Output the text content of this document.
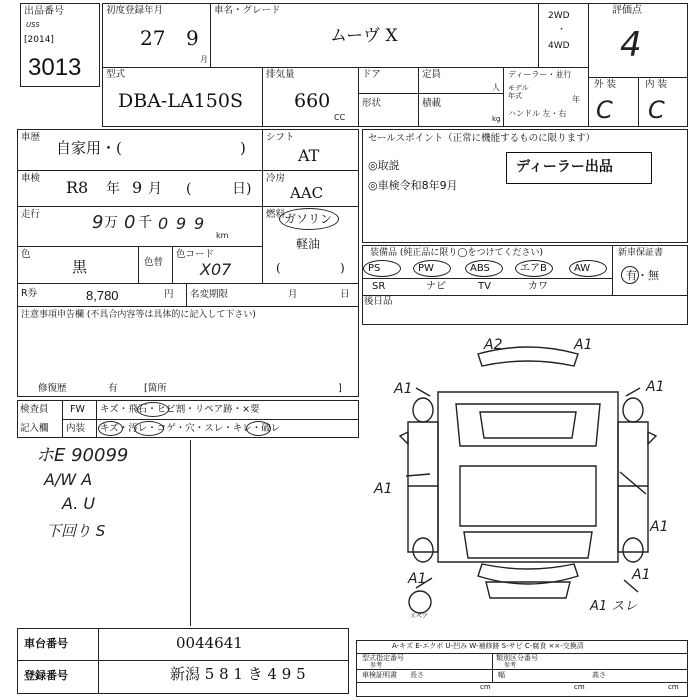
出品番号
USS
[2014]
3013
初度登録年月
27 9
月
車名・グレード
ムーヴ X
2WD
・
4WD
評価点
4
外 装	内 装
C C
型式
DBA-LA150S
排気量
660
CC
ドア	定員
人
形状	積載
kg
ディーラー・並行
モデル
年式	年
ハンドル 左・右
車歴
自家用・(	)
シフト
AT
車検 R8 年 9 月 (	日)
冷房
AAC
走行	9 万 0 千 0 9 9
km
燃料
ガソリン
軽油
(	)
色
黒	色替
色コード
X07
R券	8,780	円 名変期限	月	日
注意事項申告欄 (不具合内容等は具体的に記入して下さい)
修復歴	有	[箇所	]
セールスポイント（正常に機能するものに限ります）
◎取説
◎車検令和8年9月
ディーラー出品
装備品 (純正品に限り◯をつけてください)	新車保証書
有・無
PS	PW	ABS	エアB	AW
SR	ナビ	TV	カワ
後日品
検査員
記入欄
FW
内装
キズ・飛石・ヒビ割・リペア跡・×要
キズ・汚レ・コゲ・穴・スレ・キレ・破レ
ホE 90099
A/W A
A. U
下回り S
A2	A1
A1	A1
A1
A1
A1	A1
A1 スレ
スペア
車台番号	0044641
登録番号	新潟 5 8 1 き 4 9 5
A-キズ E-エクボ U-凹み W-補修跡 S-サビ C-腐食 ××-交換済
型式指定番号
参考
類別区分番号
参考
車検証明書 長さ	幅	高さ
cm	cm	cm
